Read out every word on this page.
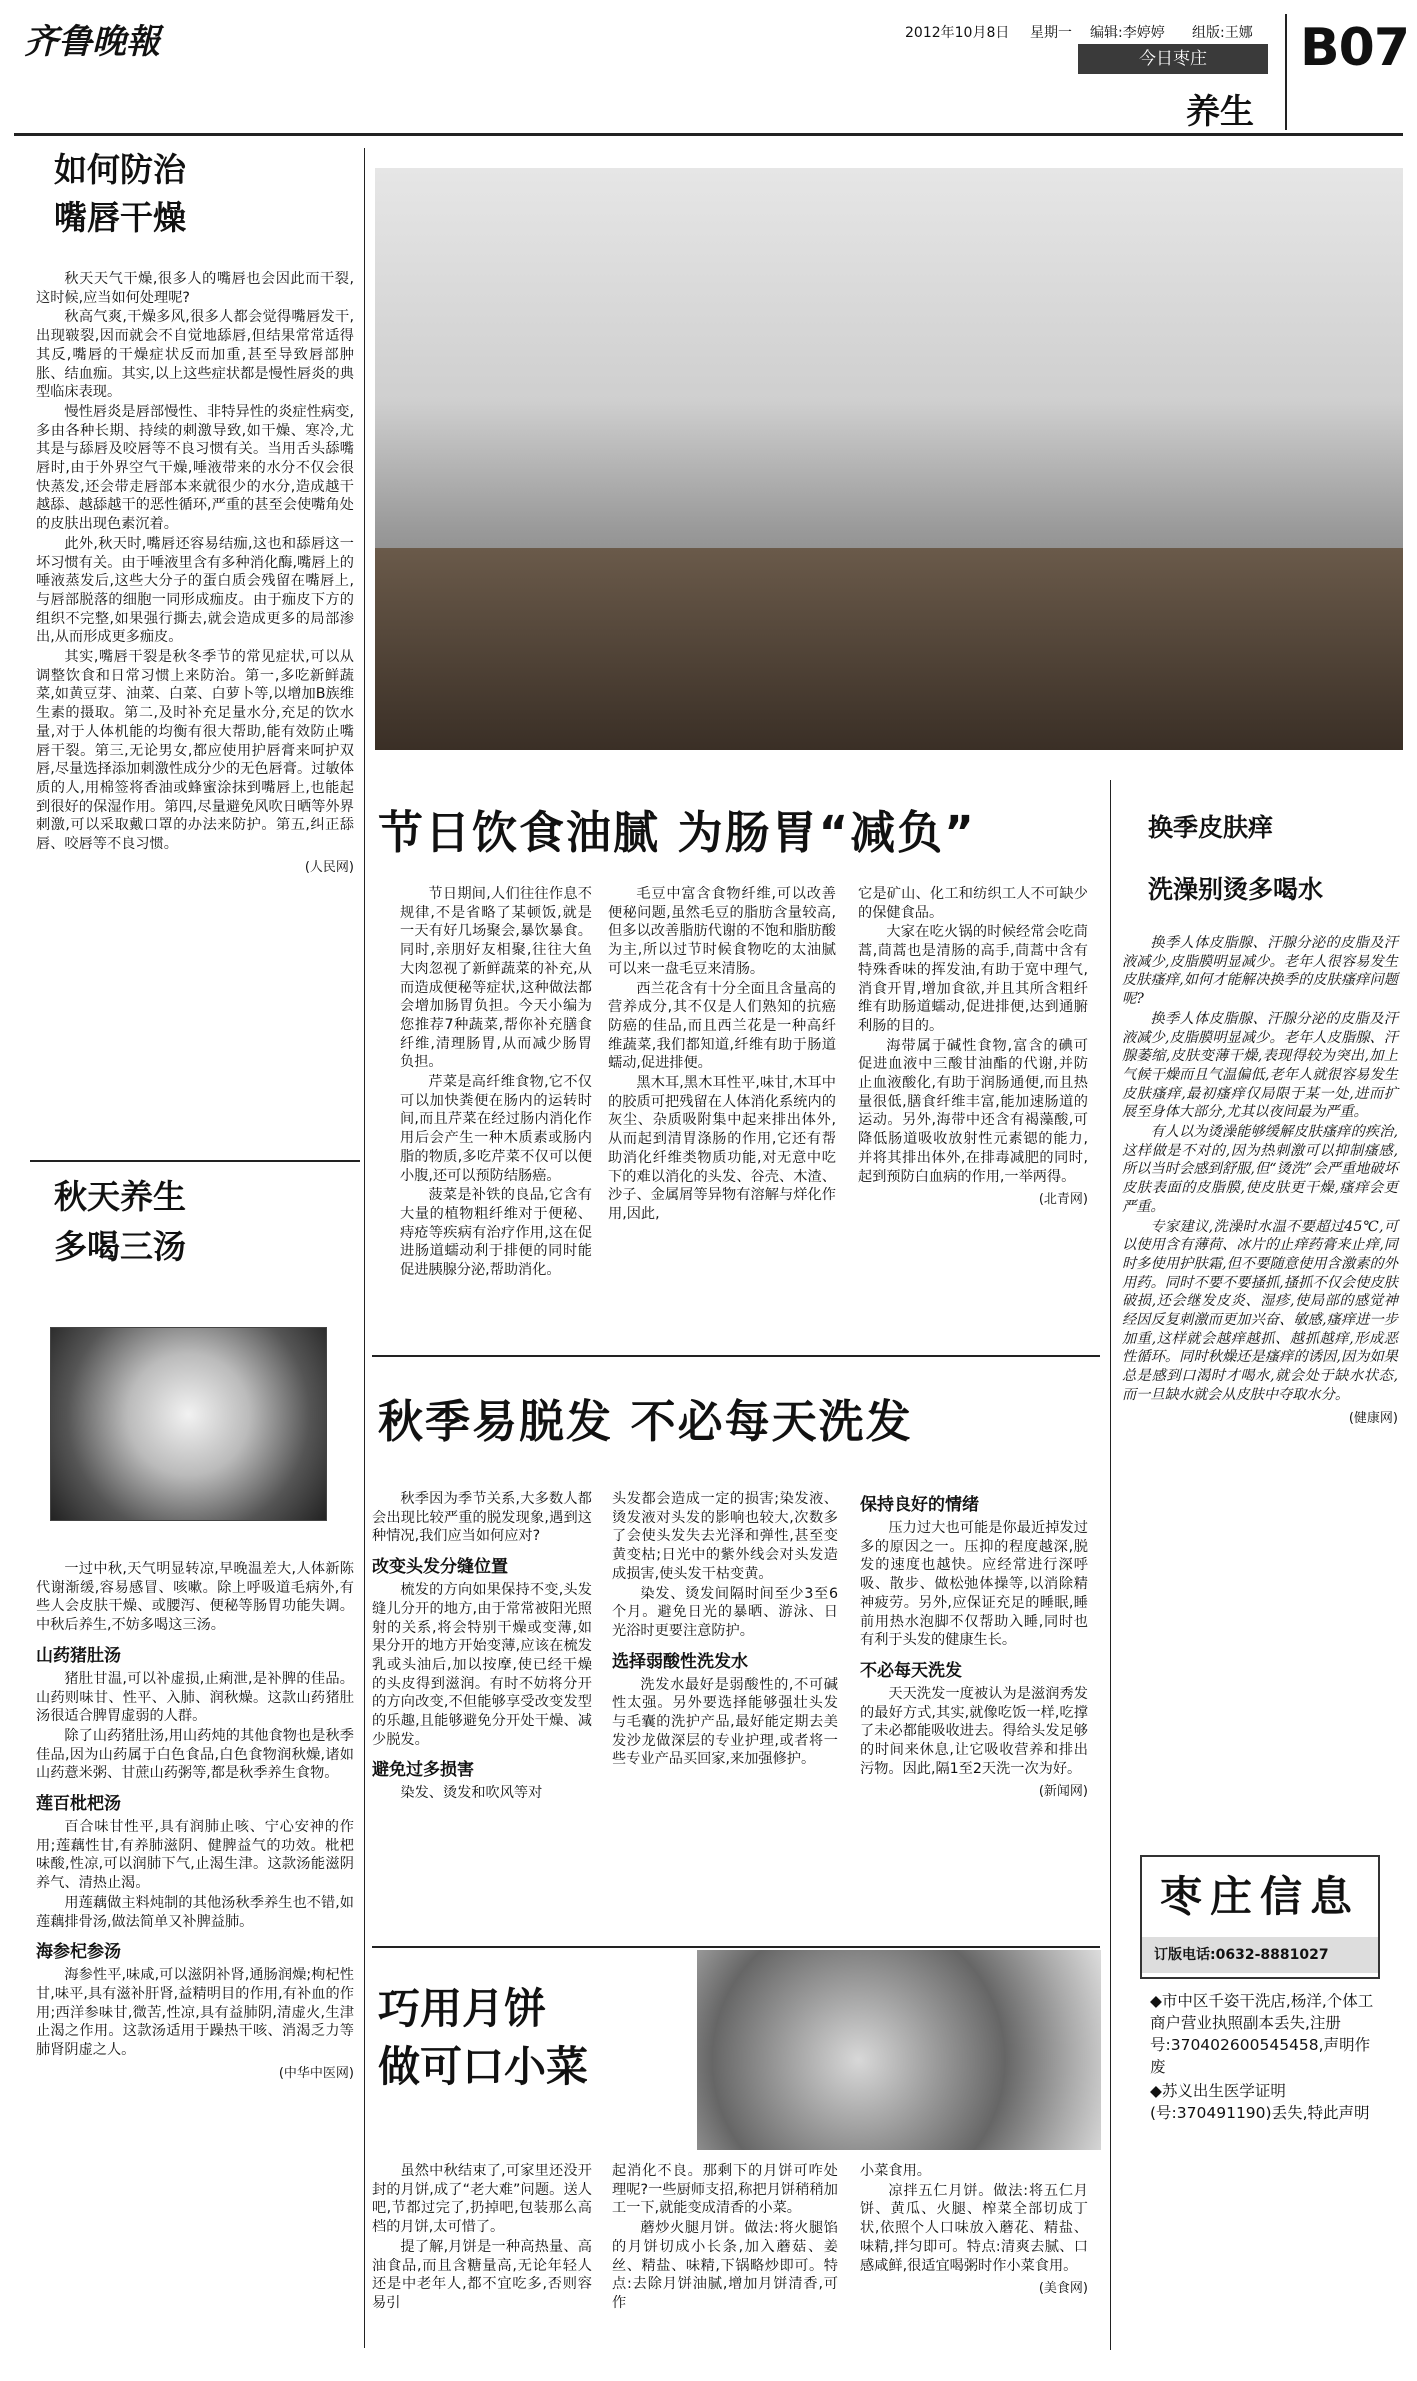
齐鲁晚報	2012年10月8日 星期一 编辑:李婷婷 组版:王娜
今日枣庄
养生
B07
如何防治
嘴唇干燥

秋天天气干燥,很多人的嘴唇也会因此而干裂,这时候,应当如何处理呢?

秋高气爽,干燥多风,很多人都会觉得嘴唇发干,出现皲裂,因而就会不自觉地舔唇,但结果常常适得其反,嘴唇的干燥症状反而加重,甚至导致唇部肿胀、结血痂。其实,以上这些症状都是慢性唇炎的典型临床表现。

慢性唇炎是唇部慢性、非特异性的炎症性病变,多由各种长期、持续的刺激导致,如干燥、寒冷,尤其是与舔唇及咬唇等不良习惯有关。当用舌头舔嘴唇时,由于外界空气干燥,唾液带来的水分不仅会很快蒸发,还会带走唇部本来就很少的水分,造成越干越舔、越舔越干的恶性循环,严重的甚至会使嘴角处的皮肤出现色素沉着。

此外,秋天时,嘴唇还容易结痂,这也和舔唇这一坏习惯有关。由于唾液里含有多种消化酶,嘴唇上的唾液蒸发后,这些大分子的蛋白质会残留在嘴唇上,与唇部脱落的细胞一同形成痂皮。由于痂皮下方的组织不完整,如果强行撕去,就会造成更多的局部渗出,从而形成更多痂皮。

其实,嘴唇干裂是秋冬季节的常见症状,可以从调整饮食和日常习惯上来防治。第一,多吃新鲜蔬菜,如黄豆芽、油菜、白菜、白萝卜等,以增加B族维生素的摄取。第二,及时补充足量水分,充足的饮水量,对于人体机能的均衡有很大帮助,能有效防止嘴唇干裂。第三,无论男女,都应使用护唇膏来呵护双唇,尽量选择添加刺激性成分少的无色唇膏。过敏体质的人,用棉签将香油或蜂蜜涂抹到嘴唇上,也能起到很好的保湿作用。第四,尽量避免风吹日晒等外界刺激,可以采取戴口罩的办法来防护。第五,纠正舔唇、咬唇等不良习惯。

(人民网)
秋天养生
多喝三汤

一过中秋,天气明显转凉,早晚温差大,人体新陈代谢渐缓,容易感冒、咳嗽。除上呼吸道毛病外,有些人会皮肤干燥、或腰泻、便秘等肠胃功能失调。中秋后养生,不妨多喝这三汤。

山药猪肚汤

猪肚甘温,可以补虚损,止痢泄,是补脾的佳品。山药则味甘、性平、入肺、润秋燥。这款山药猪肚汤很适合脾胃虚弱的人群。

除了山药猪肚汤,用山药炖的其他食物也是秋季佳品,因为山药属于白色食品,白色食物润秋燥,诸如山药薏米粥、甘蔗山药粥等,都是秋季养生食物。

莲百枇杷汤

百合味甘性平,具有润肺止咳、宁心安神的作用;莲藕性甘,有养肺滋阴、健脾益气的功效。枇杷味酸,性凉,可以润肺下气,止渴生津。这款汤能滋阴养气、清热止渴。

用莲藕做主料炖制的其他汤秋季养生也不错,如莲藕排骨汤,做法简单又补脾益肺。

海参杞参汤

海参性平,味咸,可以滋阴补肾,通肠润燥;枸杞性甘,味平,具有滋补肝肾,益精明目的作用,有补血的作用;西洋参味甘,微苦,性凉,具有益肺阴,清虚火,生津止渴之作用。这款汤适用于躁热干咳、消渴乏力等肺肾阴虚之人。

(中华中医网)
节日饮食油腻 为肠胃“减负”

节日期间,人们往往作息不规律,不是省略了某顿饭,就是一天有好几场聚会,暴饮暴食。同时,亲朋好友相聚,往往大鱼大肉忽视了新鲜蔬菜的补充,从而造成便秘等症状,这种做法都会增加肠胃负担。今天小编为您推荐7种蔬菜,帮你补充膳食纤维,清理肠胃,从而减少肠胃负担。

芹菜是高纤维食物,它不仅可以加快粪便在肠内的运转时间,而且芹菜在经过肠内消化作用后会产生一种木质素或肠内脂的物质,多吃芹菜不仅可以便小腹,还可以预防结肠癌。

菠菜是补铁的良品,它含有大量的植物粗纤维对于便秘、痔疮等疾病有治疗作用,这在促进肠道蠕动利于排便的同时能促进胰腺分泌,帮助消化。

毛豆中富含食物纤维,可以改善便秘问题,虽然毛豆的脂肪含量较高,但多以改善脂肪代谢的不饱和脂肪酸为主,所以过节时候食物吃的太油腻可以来一盘毛豆来清肠。

西兰花含有十分全面且含量高的营养成分,其不仅是人们熟知的抗癌防癌的佳品,而且西兰花是一种高纤维蔬菜,我们都知道,纤维有助于肠道蠕动,促进排便。

黑木耳,黑木耳性平,味甘,木耳中的胶质可把残留在人体消化系统内的灰尘、杂质吸附集中起来排出体外,从而起到清胃涤肠的作用,它还有帮助消化纤维类物质功能,对无意中吃下的难以消化的头发、谷壳、木渣、沙子、金属屑等异物有溶解与烊化作用,因此,

它是矿山、化工和纺织工人不可缺少的保健食品。

大家在吃火锅的时候经常会吃茼蒿,茼蒿也是清肠的高手,茼蒿中含有特殊香味的挥发油,有助于宽中理气,消食开胃,增加食欲,并且其所含粗纤维有助肠道蠕动,促进排便,达到通腑利肠的目的。

海带属于碱性食物,富含的碘可促进血液中三酸甘油酯的代谢,并防止血液酸化,有助于润肠通便,而且热量很低,膳食纤维丰富,能加速肠道的运动。另外,海带中还含有褐藻酸,可降低肠道吸收放射性元素锶的能力,并将其排出体外,在排毒减肥的同时,起到预防白血病的作用,一举两得。

(北青网)
秋季易脱发 不必每天洗发

秋季因为季节关系,大多数人都会出现比较严重的脱发现象,遇到这种情况,我们应当如何应对?

改变头发分缝位置

梳发的方向如果保持不变,头发缝儿分开的地方,由于常常被阳光照射的关系,将会特别干燥或变薄,如果分开的地方开始变薄,应该在梳发乳或头油后,加以按摩,使已经干燥的头皮得到滋润。有时不妨将分开的方向改变,不但能够享受改变发型的乐趣,且能够避免分开处干燥、减少脱发。

避免过多损害

染发、烫发和吹风等对

头发都会造成一定的损害;染发液、烫发液对头发的影响也较大,次数多了会使头发失去光泽和弹性,甚至变黄变枯;日光中的紫外线会对头发造成损害,使头发干枯变黄。

染发、烫发间隔时间至少3至6个月。避免日光的暴晒、游泳、日光浴时更要注意防护。

选择弱酸性洗发水

洗发水最好是弱酸性的,不可碱性太强。另外要选择能够强壮头发与毛囊的洗护产品,最好能定期去美发沙龙做深层的专业护理,或者将一些专业产品买回家,来加强修护。

保持良好的情绪

压力过大也可能是你最近掉发过多的原因之一。压抑的程度越深,脱发的速度也越快。应经常进行深呼吸、散步、做松弛体操等,以消除精神疲劳。另外,应保证充足的睡眠,睡前用热水泡脚不仅帮助入睡,同时也有利于头发的健康生长。

不必每天洗发

天天洗发一度被认为是滋润秀发的最好方式,其实,就像吃饭一样,吃撑了未必都能吸收进去。得给头发足够的时间来休息,让它吸收营养和排出污物。因此,隔1至2天洗一次为好。

(新闻网)
巧用月饼
做可口小菜

虽然中秋结束了,可家里还没开封的月饼,成了“老大难”问题。送人吧,节都过完了,扔掉吧,包装那么高档的月饼,太可惜了。

提了解,月饼是一种高热量、高油食品,而且含糖量高,无论年轻人还是中老年人,都不宜吃多,否则容易引

起消化不良。那剩下的月饼可咋处理呢?一些厨师支招,称把月饼稍稍加工一下,就能变成清香的小菜。

蘑炒火腿月饼。做法:将火腿馅的月饼切成小长条,加入蘑菇、姜丝、精盐、味精,下锅略炒即可。特点:去除月饼油腻,增加月饼清香,可作

小菜食用。

凉拌五仁月饼。做法:将五仁月饼、黄瓜、火腿、榨菜全部切成丁状,依照个人口味放入蘑花、精盐、味精,拌匀即可。特点:清爽去腻、口感咸鲜,很适宜喝粥时作小菜食用。

(美食网)
换季皮肤痒
洗澡别烫多喝水

换季人体皮脂腺、汗腺分泌的皮脂及汗液减少,皮脂膜明显减少。老年人很容易发生皮肤瘙痒,如何才能解决换季的皮肤瘙痒问题呢?

换季人体皮脂腺、汗腺分泌的皮脂及汗液减少,皮脂膜明显减少。老年人皮脂腺、汗腺萎缩,皮肤变薄干燥,表现得较为突出,加上气候干燥而且气温偏低,老年人就很容易发生皮肤瘙痒,最初瘙痒仅局限于某一处,进而扩展至身体大部分,尤其以夜间最为严重。

有人以为烫澡能够缓解皮肤瘙痒的疾治,这样做是不对的,因为热刺激可以抑制瘙感,所以当时会感到舒服,但“烫洗”会严重地破坏皮肤表面的皮脂膜,使皮肤更干燥,瘙痒会更严重。

专家建议,洗澡时水温不要超过45℃,可以使用含有薄荷、冰片的止痒药膏来止痒,同时多使用护肤霜,但不要随意使用含激素的外用药。同时不要不要搔抓,搔抓不仅会使皮肤破损,还会继发皮炎、湿疹,使局部的感觉神经因反复刺激而更加兴奋、敏感,瘙痒进一步加重,这样就会越痒越抓、越抓越痒,形成恶性循环。同时秋燥还是瘙痒的诱因,因为如果总是感到口渴时才喝水,就会处于缺水状态,而一旦缺水就会从皮肤中夺取水分。

(健康网)
枣庄信息
订版电话:0632-8881027
◆市中区千姿干洗店,杨洋,个体工商户营业执照副本丢失,注册号:370402600545458,声明作废
◆苏义出生医学证明(号:370491190)丢失,特此声明
